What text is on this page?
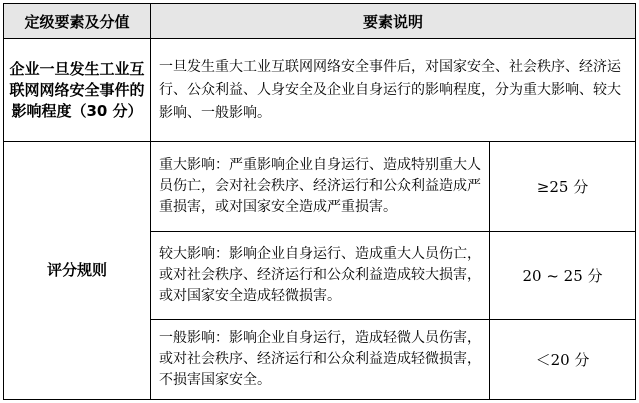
定级要素及分值	要素说明	
企业一旦发生工业互联网网络安全事件的影响程度（30 分）	一旦发生重大工业互联网网络安全事件后，对国家安全、社会秩序、经济运行、公众利益、人身安全及企业自身运行的影响程度，分为重大影响、较大影响、一般影响。	
评分规则	重大影响：严重影响企业自身运行、造成特别重大人员伤亡，会对社会秩序、经济运行和公众利益造成严重损害，或对国家安全造成严重损害。	≥25 分
	较大影响：影响企业自身运行、造成重大人员伤亡，或对社会秩序、经济运行和公众利益造成较大损害，或对国家安全造成轻微损害。	20 ~ 25 分
	一般影响：影响企业自身运行，造成轻微人员伤害，或对社会秩序、经济运行和公众利益造成轻微损害，不损害国家安全。	＜20 分
